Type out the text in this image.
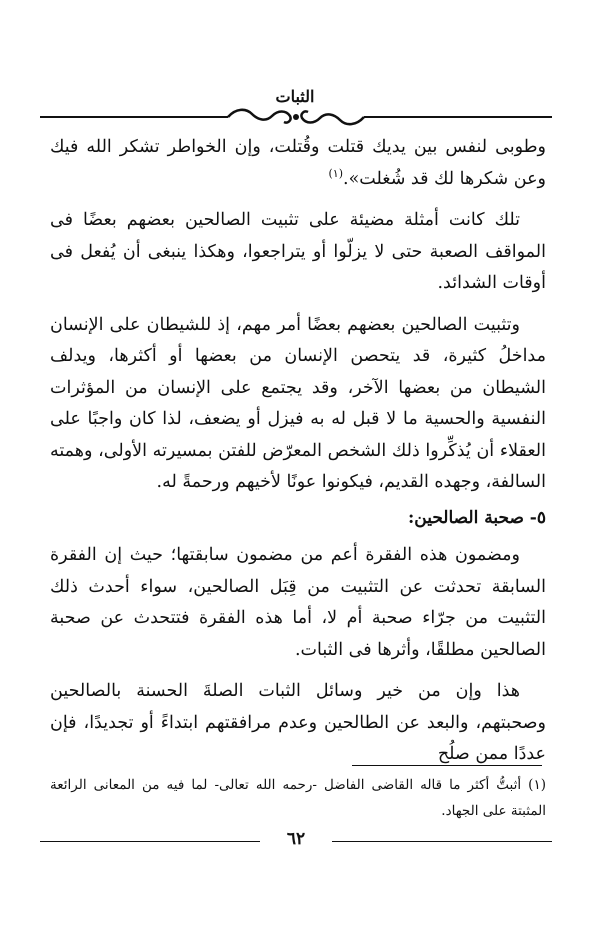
الثبات

وطوبى لنفس بين يديك قتلت وقُتلت، وإن الخواطر تشكر الله فيك وعن شكرها لك قد شُغلت».$^{(١)}$

تلك كانت أمثلة مضيئة على تثبيت الصالحين بعضهم بعضًا فى المواقف الصعبة حتى لا يزلّوا أو يتراجعوا، وهكذا ينبغى أن يُفعل فى أوقات الشدائد.

وتثبيت الصالحين بعضهم بعضًا أمر مهم، إذ للشيطان على الإنسان مداخلُ كثيرة، قد يتحصن الإنسان من بعضها أو أكثرها، ويدلف الشيطان من بعضها الآخر، وقد يجتمع على الإنسان من المؤثرات النفسية والحسية ما لا قبل له به فيزل أو يضعف، لذا كان واجبًا على العقلاء أن يُذكِّروا ذلك الشخص المعرّض للفتن بمسيرته الأولى، وهمته السالفة، وجهده القديم، فيكونوا عونًا لأخيهم ورحمةً له.

٥- صحبة الصالحين:

ومضمون هذه الفقرة أعم من مضمون سابقتها؛ حيث إن الفقرة السابقة تحدثت عن التثبيت من قِبَل الصالحين، سواء أحدث ذلك التثبيت من جرّاء صحبة أم لا، أما هذه الفقرة فتتحدث عن صحبة الصالحين مطلقًا، وأثرها فى الثبات.

هذا وإن من خير وسائل الثبات الصلةَ الحسنة بالصالحين وصحبتهم، والبعد عن الطالحين وعدم مرافقتهم ابتداءً أو تجديدًا، فإن عددًا ممن صلُح

(١) أثبتُّ أكثر ما قاله القاضى الفاضل -رحمه الله تعالى- لما فيه من المعانى الرائعة المثبتة على الجهاد.

٦٢
